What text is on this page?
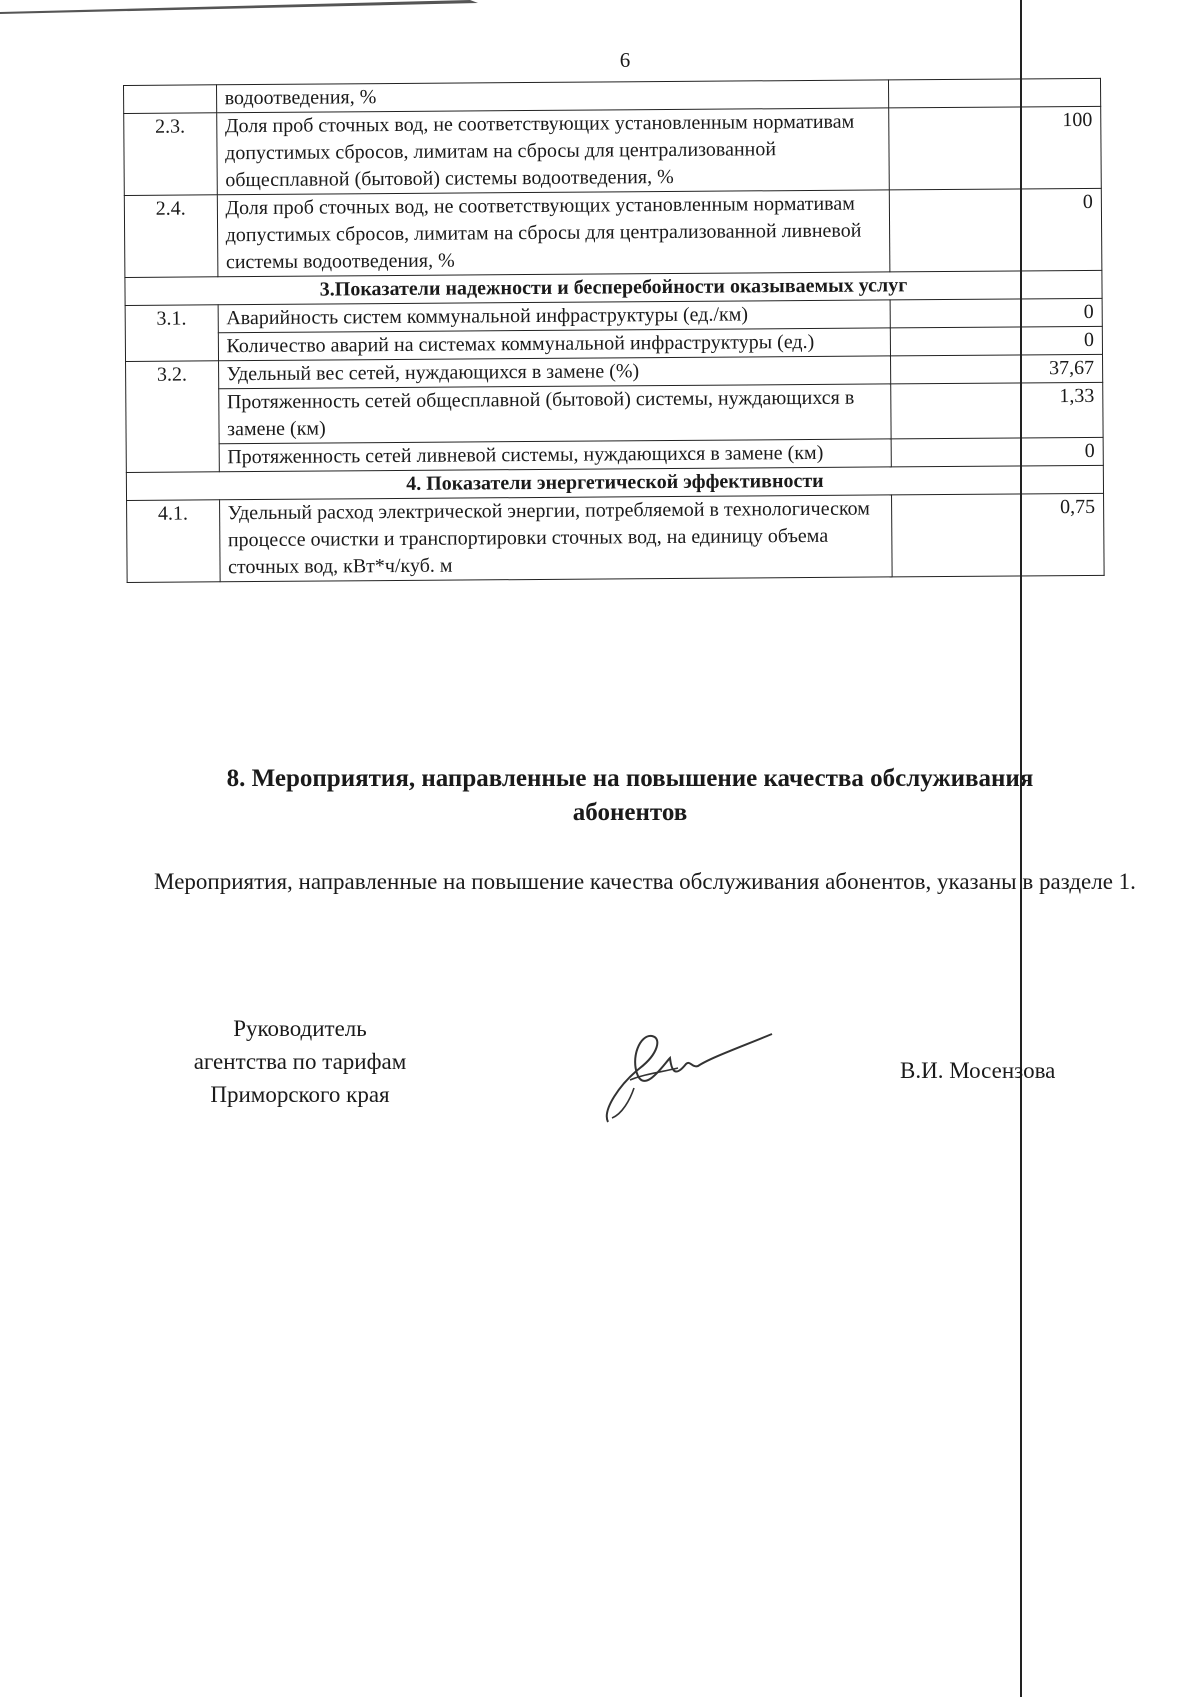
6
	водоотведения, %	
2.3.	Доля проб сточных вод, не соответствующих установленным нормативам допустимых сбросов, лимитам на сбросы для централизованной общесплавной (бытовой) системы водоотведения, %	100
2.4.	Доля проб сточных вод, не соответствующих установленным нормативам допустимых сбросов, лимитам на сбросы для централизованной ливневой системы водоотведения, %	0
3.Показатели надежности и бесперебойности оказываемых услуг		
3.1.	Аварийность систем коммунальной инфраструктуры (ед./км)	0
	Количество аварий на системах коммунальной инфраструктуры (ед.)	0
3.2.	Удельный вес сетей, нуждающихся в замене (%)	37,67
	Протяженность сетей общесплавной (бытовой) системы, нуждающихся в замене (км)	1,33
	Протяженность сетей ливневой системы, нуждающихся в замене (км)	0
4. Показатели энергетической эффективности		
4.1.	Удельный расход электрической энергии, потребляемой в технологическом процессе очистки и транспортировки сточных вод, на единицу объема сточных вод, кВт*ч/куб. м	0,75
8. Мероприятия, направленные на повышение качества обслуживания абонентов
Мероприятия, направленные на повышение качества обслуживания абонентов, указаны в разделе 1.
Руководитель
агентства по тарифам
Приморского края
В.И. Мосензова
